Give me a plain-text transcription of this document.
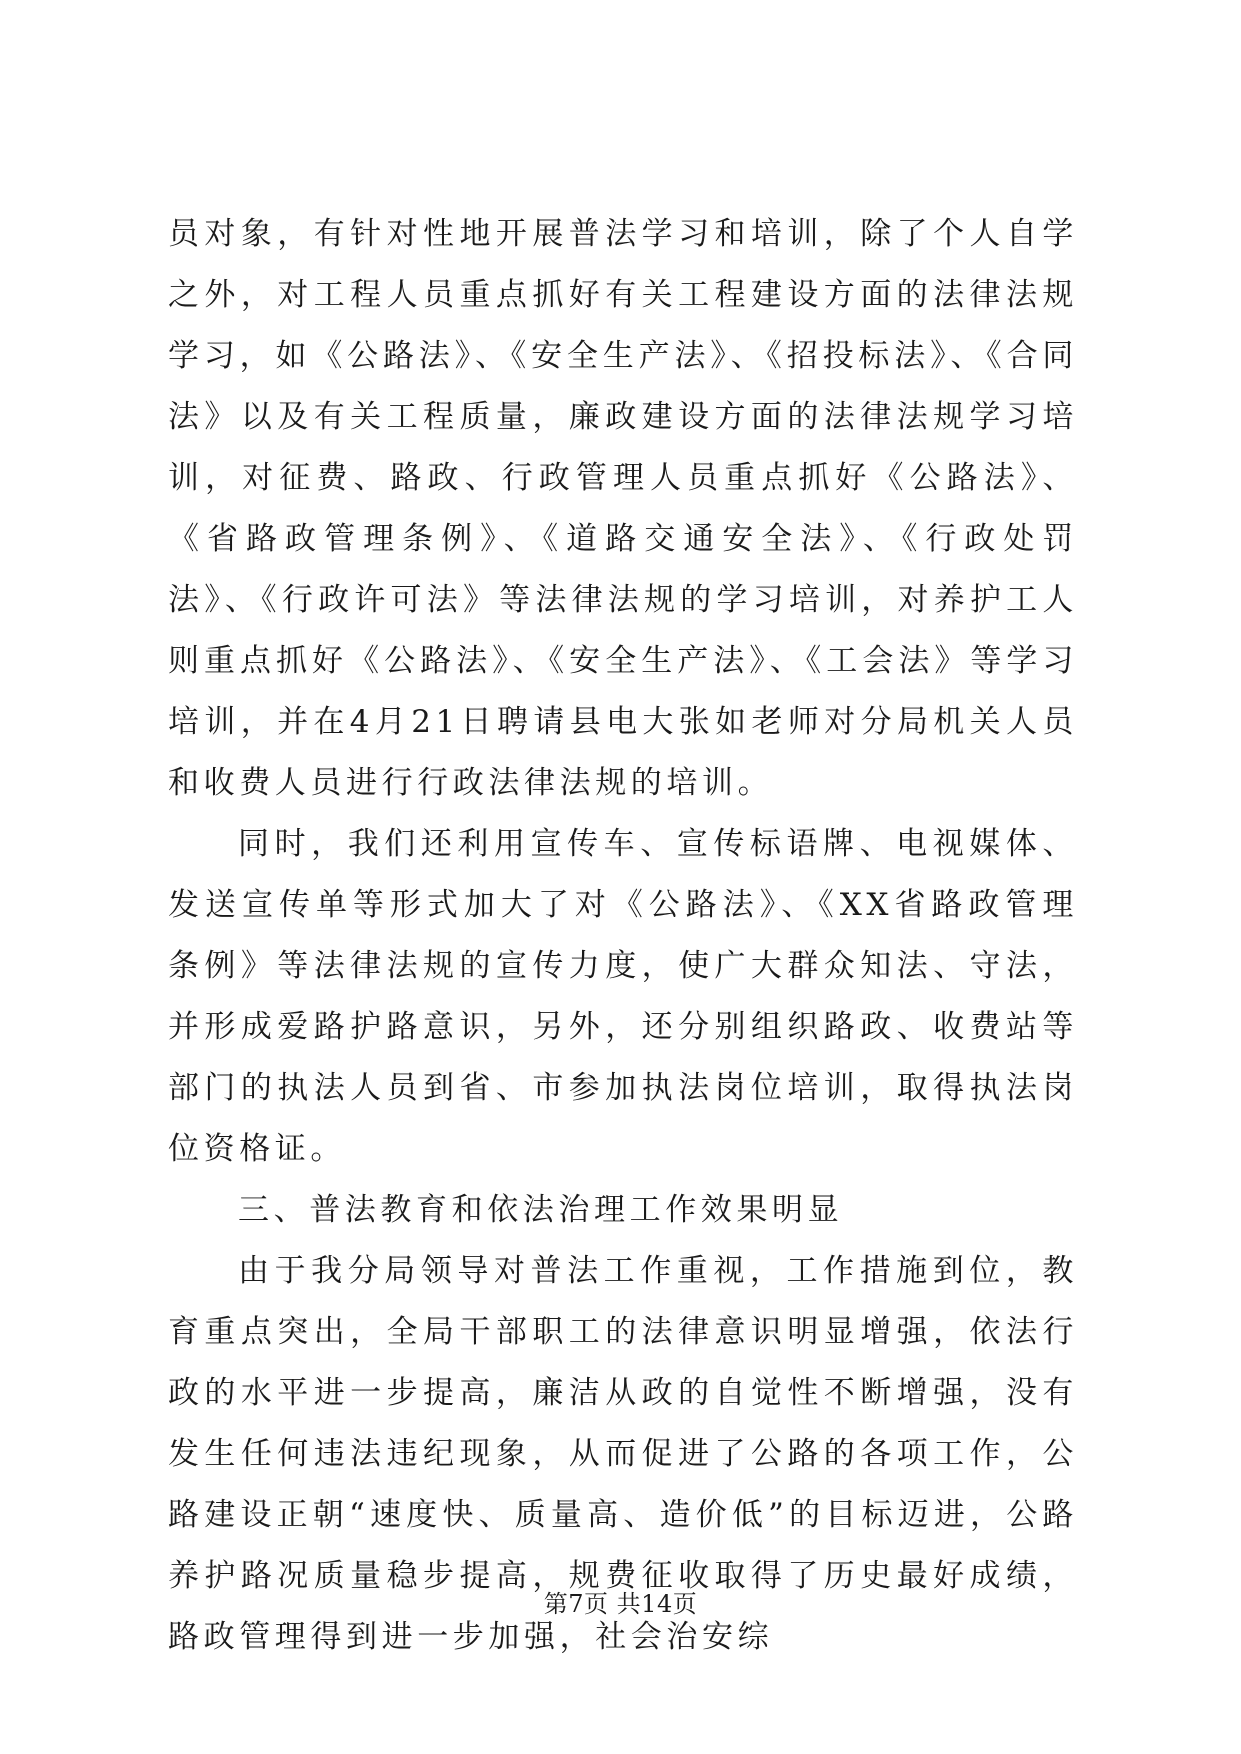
员对象，有针对性地开展普法学习和培训，除了个人自学之外，对工程人员重点抓好有关工程建设方面的法律法规学习，如《公路法》、《安全生产法》、《招投标法》、《合同法》以及有关工程质量，廉政建设方面的法律法规学习培训，对征费、路政、行政管理人员重点抓好《公路法》、《省路政管理条例》、《道路交通安全法》、《行政处罚法》、《行政许可法》等法律法规的学习培训，对养护工人则重点抓好《公路法》、《安全生产法》、《工会法》等学习培训，并在4月21日聘请县电大张如老师对分局机关人员和收费人员进行行政法律法规的培训。

同时，我们还利用宣传车、宣传标语牌、电视媒体、发送宣传单等形式加大了对《公路法》、《XX省路政管理条例》等法律法规的宣传力度，使广大群众知法、守法，并形成爱路护路意识，另外，还分别组织路政、收费站等部门的执法人员到省、市参加执法岗位培训，取得执法岗位资格证。

三、普法教育和依法治理工作效果明显

由于我分局领导对普法工作重视，工作措施到位，教育重点突出，全局干部职工的法律意识明显增强，依法行政的水平进一步提高，廉洁从政的自觉性不断增强，没有发生任何违法违纪现象，从而促进了公路的各项工作，公路建设正朝“速度快、质量高、造价低”的目标迈进，公路养护路况质量稳步提高，规费征收取得了历史最好成绩，路政管理得到进一步加强，社会治安综

第7页 共14页
